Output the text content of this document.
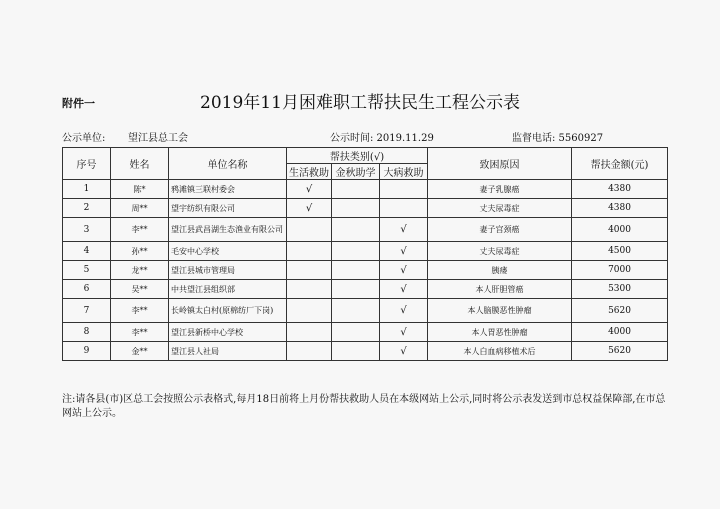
附件一	2019年11月困难职工帮扶民生工程公示表
公示单位: 望江县总工会	公示时间: 2019.11.29	监督电话: 5560927
序号	姓名	单位名称	帮扶类别(√)			致困原因	帮扶金额(元)
			生活救助	金秋助学	大病救助		
1	陈*	鸦滩镇三联村委会	√			妻子乳腺癌	4380
2	周**	望宇纺织有限公司	√			丈夫尿毒症	4380
3	李**	望江县武昌湖生态渔业有限公司			√	妻子宫颈癌	4000
4	孙**	毛安中心学校			√	丈夫尿毒症	4500
5	龙**	望江县城市管理局			√	胰瘘	7000
6	吴**	中共望江县组织部			√	本人肝胆管癌	5300
7	李**	长岭镇太白村(原棉纺厂下岗)			√	本人脑膜恶性肿瘤	5620
8	李**	望江县新桥中心学校			√	本人胃恶性肿瘤	4000
9	金**	望江县人社局			√	本人白血病移植术后	5620
注:请各县(市)区总工会按照公示表格式,每月18日前将上月份帮扶救助人员在本级网站上公示,同时将公示表发送到市总权益保障部,在市总网站上公示。
